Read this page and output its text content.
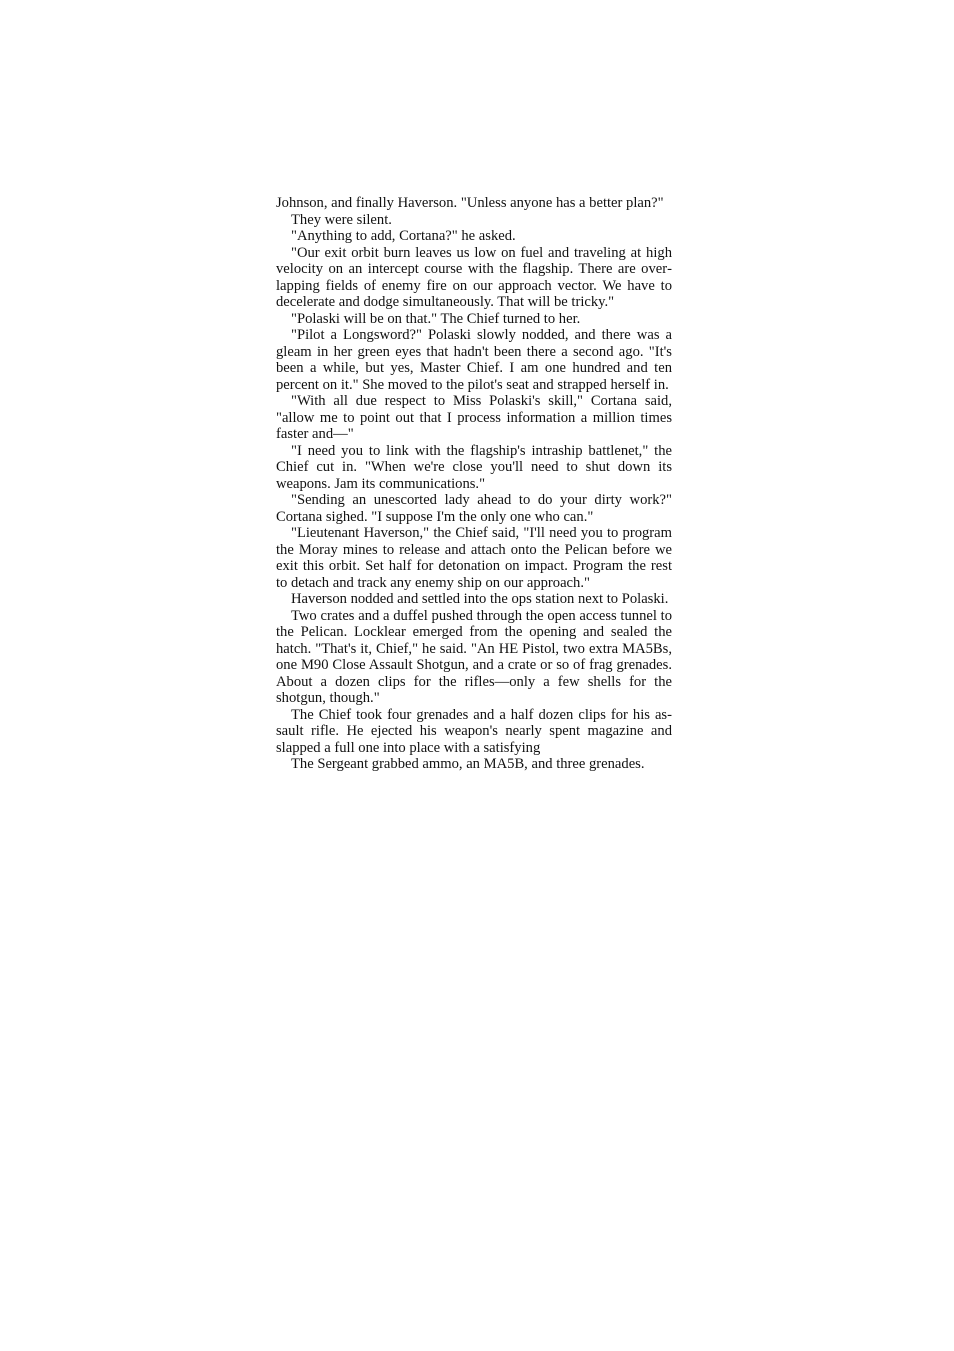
Johnson, and finally Haverson. "Unless anyone has a better plan?"

They were silent.

"Anything to add, Cortana?" he asked.

"Our exit orbit burn leaves us low on fuel and traveling at high velocity on an intercept course with the flagship. There are overlapping fields of enemy fire on our approach vector. We have to decelerate and dodge simultaneously. That will be tricky."

"Polaski will be on that." The Chief turned to her.

"Pilot a Longsword?" Polaski slowly nodded, and there was a gleam in her green eyes that hadn't been there a second ago. "It's been a while, but yes, Master Chief. I am one hundred and ten percent on it." She moved to the pilot's seat and strapped herself in.

"With all due respect to Miss Polaski's skill," Cortana said, "allow me to point out that I process information a million times faster and—"

"I need you to link with the flagship's intraship battlenet," the Chief cut in. "When we're close you'll need to shut down its weapons. Jam its communications."

"Sending an unescorted lady ahead to do your dirty work?" Cortana sighed. "I suppose I'm the only one who can."

"Lieutenant Haverson," the Chief said, "I'll need you to program the Moray mines to release and attach onto the Pelican before we exit this orbit. Set half for detonation on impact. Program the rest to detach and track any enemy ship on our approach."

Haverson nodded and settled into the ops station next to Polaski.

Two crates and a duffel pushed through the open access tunnel to the Pelican. Locklear emerged from the opening and sealed the hatch. "That's it, Chief," he said. "An HE Pistol, two extra MA5Bs, one M90 Close Assault Shotgun, and a crate or so of frag grenades. About a dozen clips for the rifles—only a few shells for the shotgun, though."

The Chief took four grenades and a half dozen clips for his assault rifle. He ejected his weapon's nearly spent magazine and slapped a full one into place with a satisfying

The Sergeant grabbed ammo, an MA5B, and three grenades.
